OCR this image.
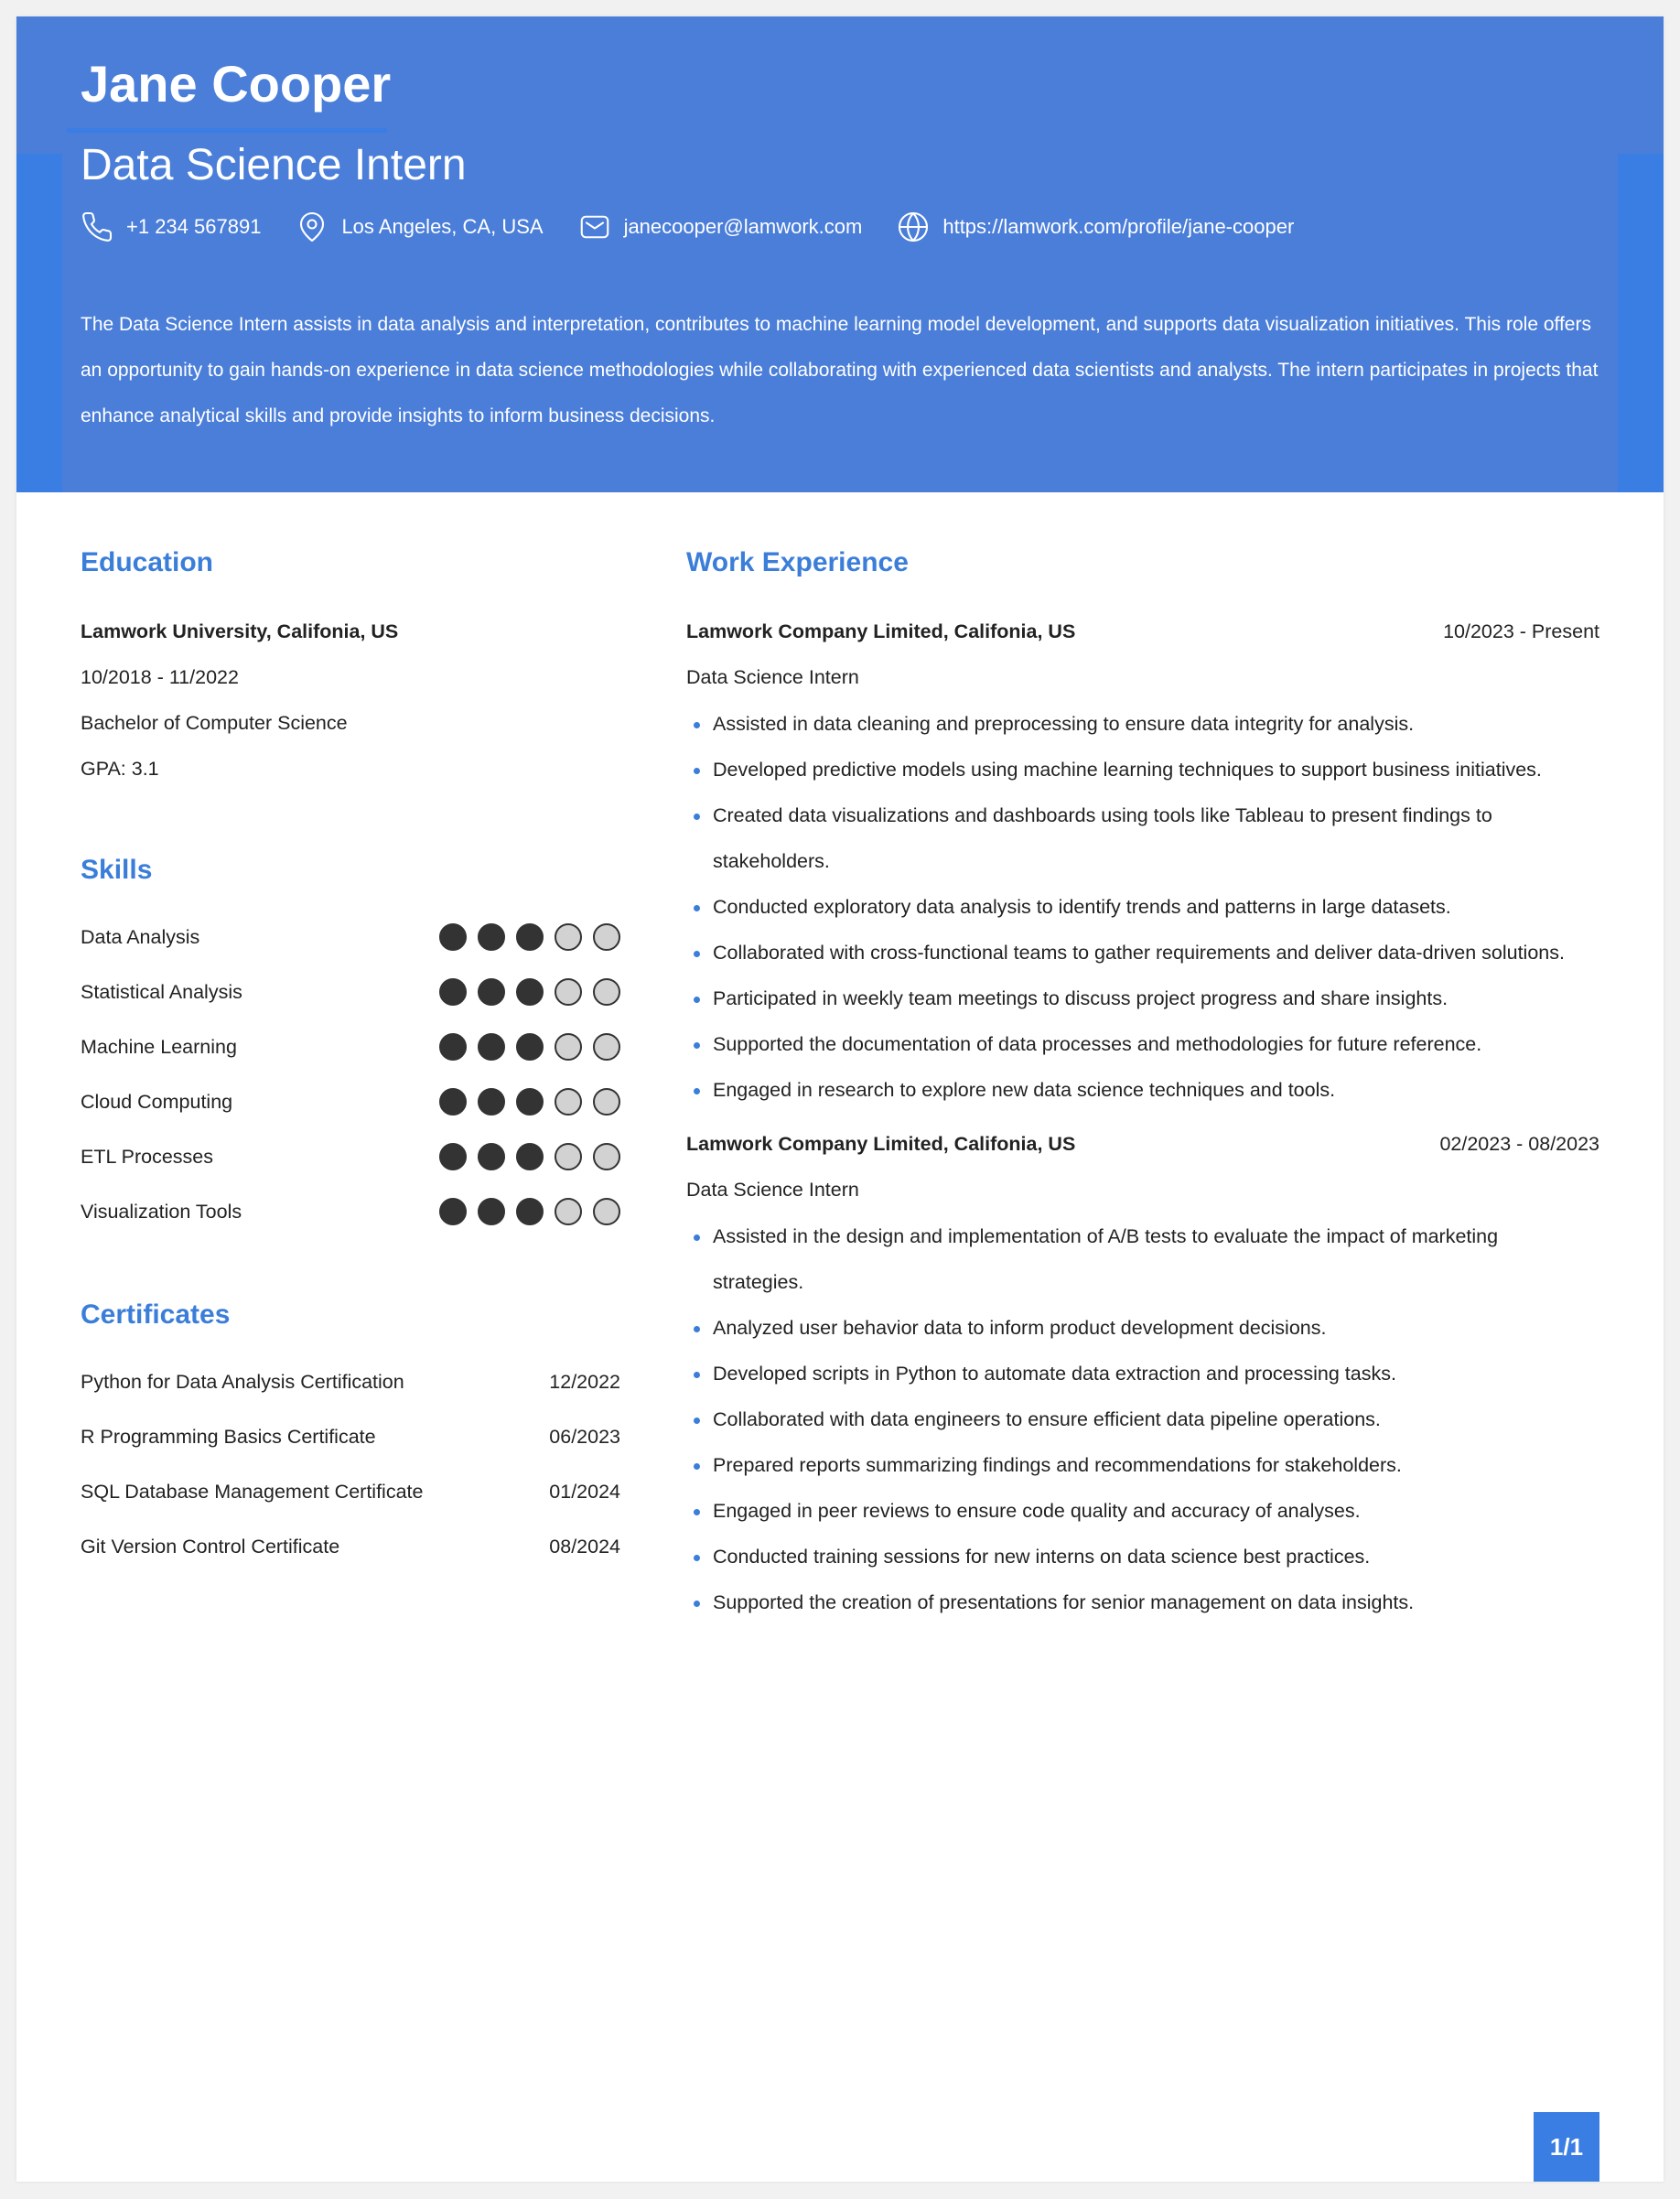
Jane Cooper
Data Science Intern
+1 234 567891	Los Angeles, CA, USA	janecooper@lamwork.com	https://lamwork.com/profile/jane-cooper

The Data Science Intern assists in data analysis and interpretation, contributes to machine learning model development, and supports data visualization initiatives. This role offers an opportunity to gain hands-on experience in data science methodologies while collaborating with experienced data scientists and analysts. The intern participates in projects that enhance analytical skills and provide insights to inform business decisions.

Education
Lamwork University, Califonia, US
10/2018 - 11/2022
Bachelor of Computer Science
GPA: 3.1
Skills
Data Analysis
Statistical Analysis
Machine Learning
Cloud Computing
ETL Processes
Visualization Tools
Certificates
Python for Data Analysis Certification	12/2022
R Programming Basics Certificate	06/2023
SQL Database Management Certificate	01/2024
Git Version Control Certificate	08/2024
Work Experience
Lamwork Company Limited, Califonia, US	10/2023 - Present
Data Science Intern
Assisted in data cleaning and preprocessing to ensure data integrity for analysis.
Developed predictive models using machine learning techniques to support business initiatives.
Created data visualizations and dashboards using tools like Tableau to present findings to stakeholders.
Conducted exploratory data analysis to identify trends and patterns in large datasets.
Collaborated with cross-functional teams to gather requirements and deliver data-driven solutions.
Participated in weekly team meetings to discuss project progress and share insights.
Supported the documentation of data processes and methodologies for future reference.
Engaged in research to explore new data science techniques and tools.
Lamwork Company Limited, Califonia, US	02/2023 - 08/2023
Data Science Intern
Assisted in the design and implementation of A/B tests to evaluate the impact of marketing strategies.
Analyzed user behavior data to inform product development decisions.
Developed scripts in Python to automate data extraction and processing tasks.
Collaborated with data engineers to ensure efficient data pipeline operations.
Prepared reports summarizing findings and recommendations for stakeholders.
Engaged in peer reviews to ensure code quality and accuracy of analyses.
Conducted training sessions for new interns on data science best practices.
Supported the creation of presentations for senior management on data insights.
1/1
